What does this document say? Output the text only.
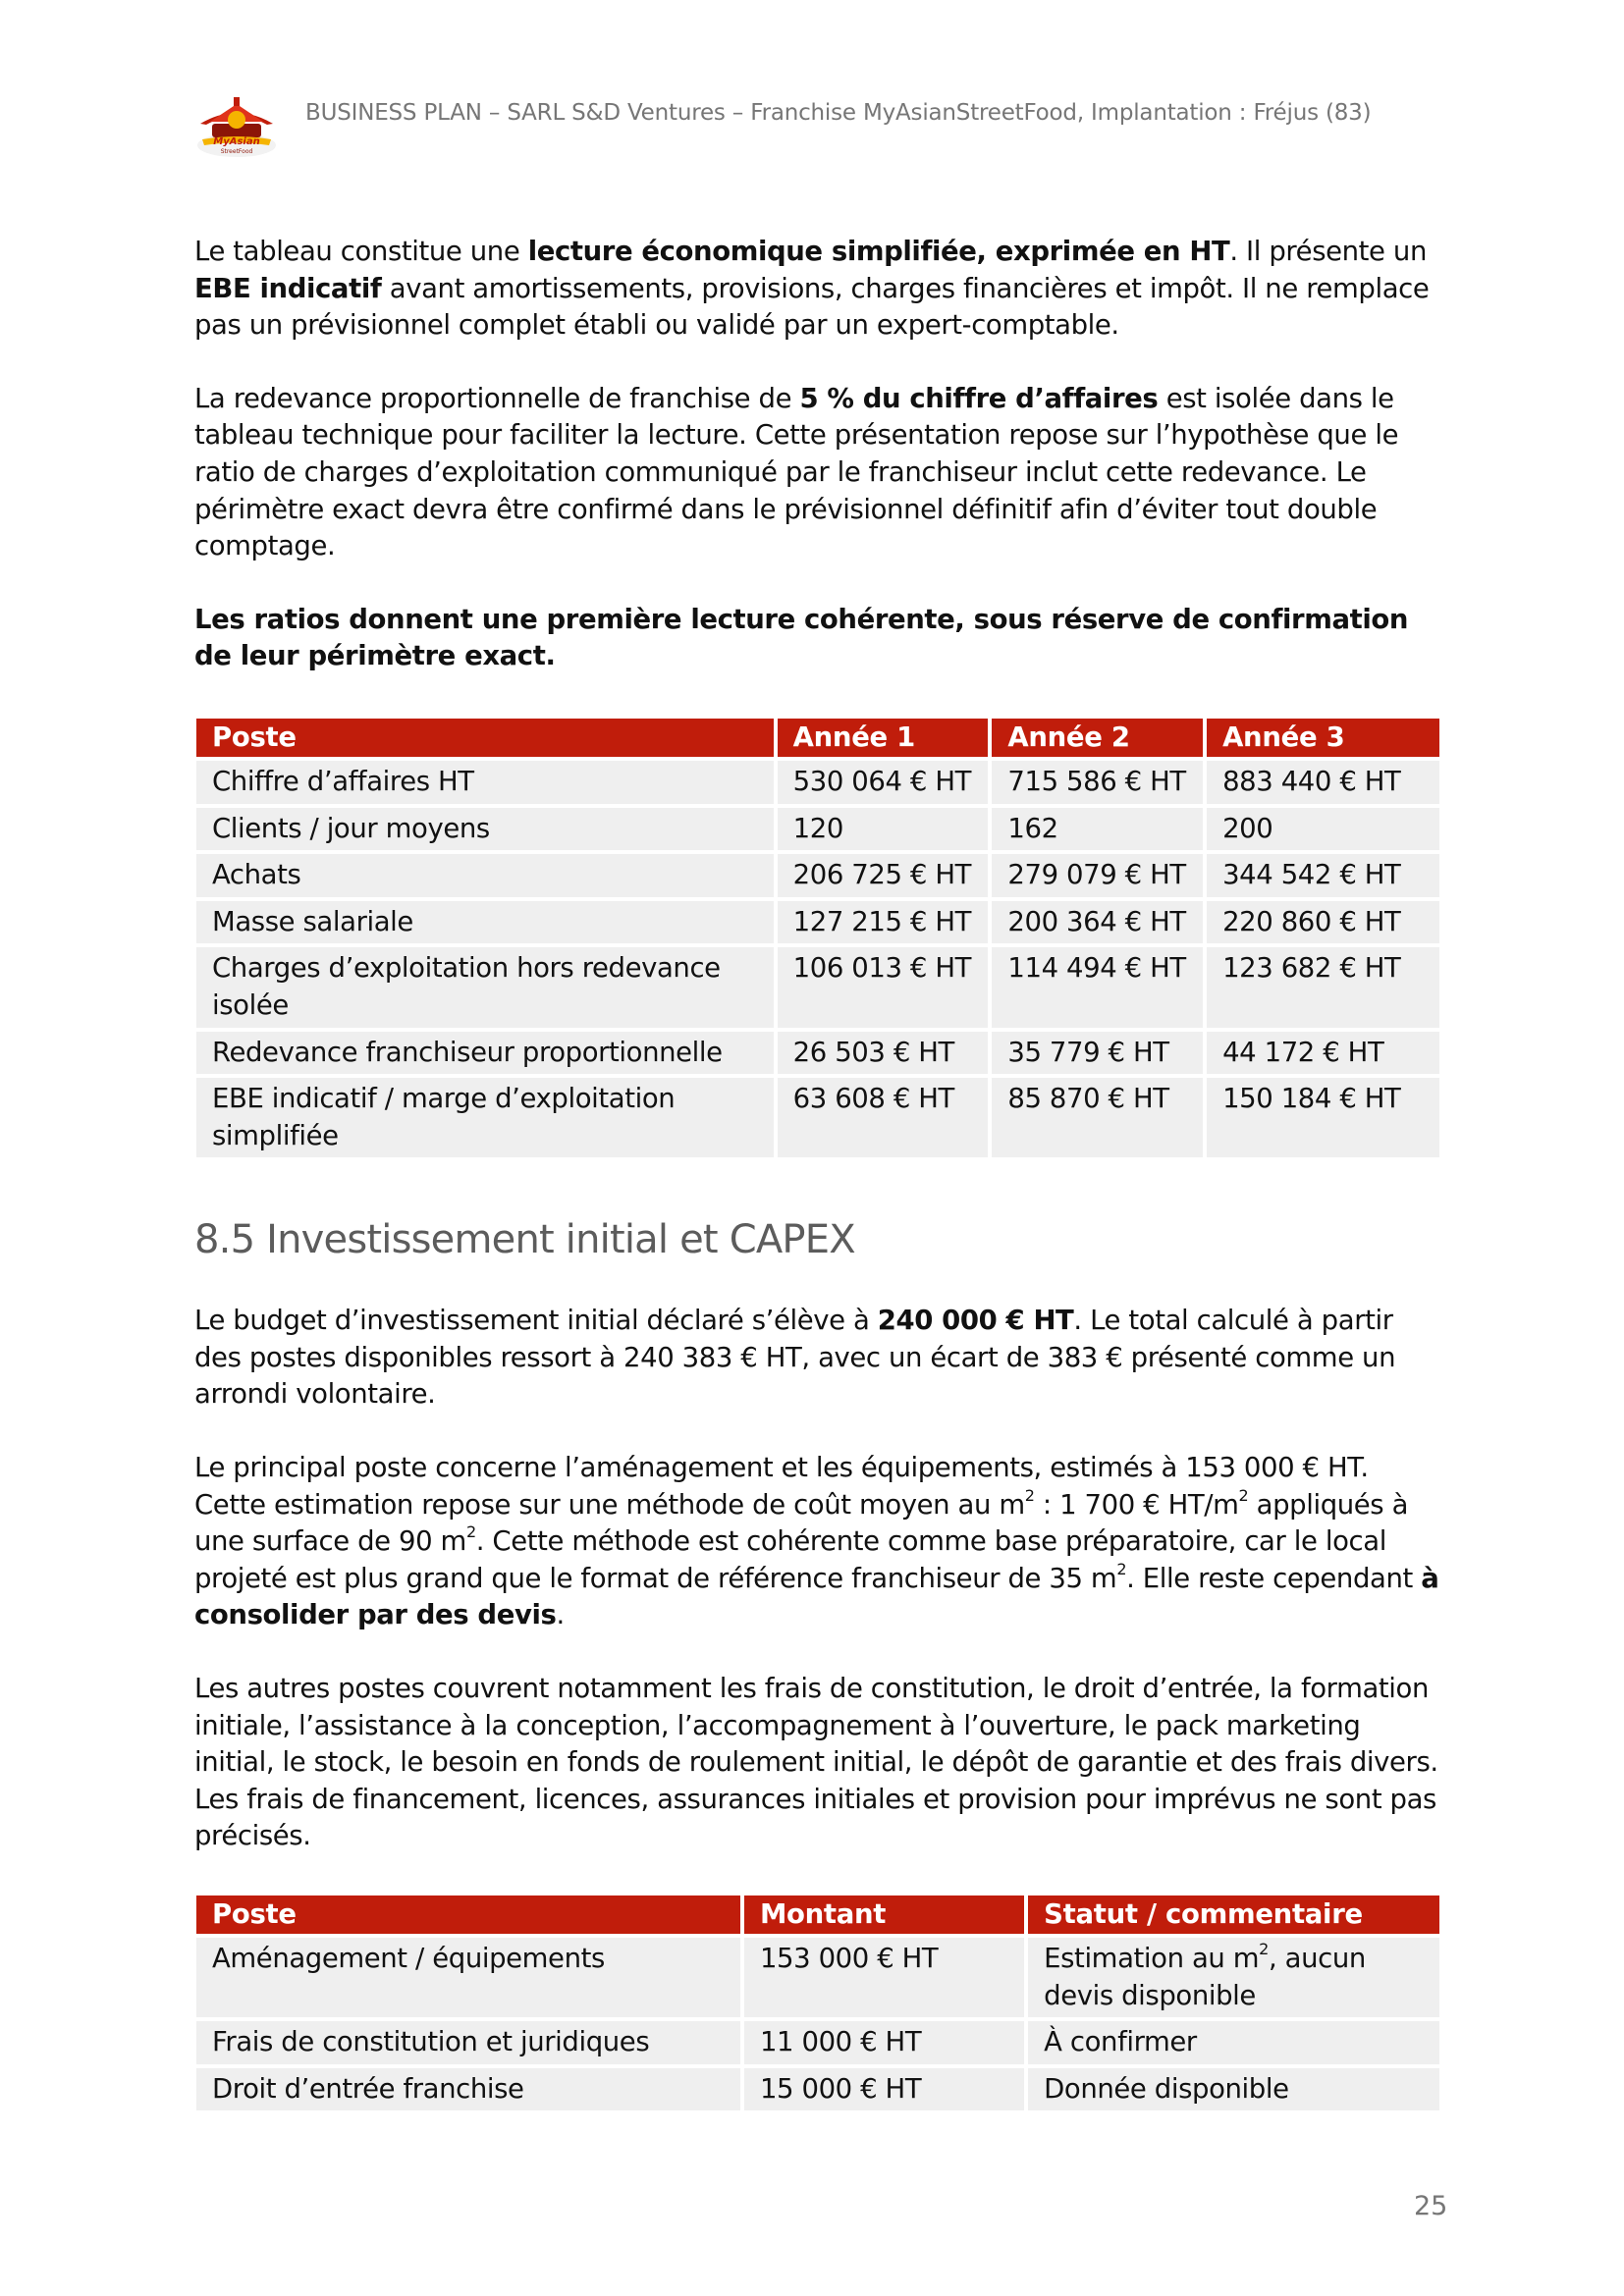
MyAsian
StreetFood
BUSINESS PLAN – SARL S&D Ventures – Franchise MyAsianStreetFood, Implantation : Fréjus (83)

Le tableau constitue une lecture économique simplifiée, exprimée en HT. Il présente un EBE indicatif avant amortissements, provisions, charges financières et impôt. Il ne remplace pas un prévisionnel complet établi ou validé par un expert-comptable.

La redevance proportionnelle de franchise de 5 % du chiffre d’affaires est isolée dans le tableau technique pour faciliter la lecture. Cette présentation repose sur l’hypothèse que le ratio de charges d’exploitation communiqué par le franchiseur inclut cette redevance. Le périmètre exact devra être confirmé dans le prévisionnel définitif afin d’éviter tout double comptage.

Les ratios donnent une première lecture cohérente, sous réserve de confirmation de leur périmètre exact.

Poste	Année 1	Année 2	Année 3
Chiffre d’affaires HT	530 064 € HT	715 586 € HT	883 440 € HT
Clients / jour moyens	120	162	200
Achats	206 725 € HT	279 079 € HT	344 542 € HT
Masse salariale	127 215 € HT	200 364 € HT	220 860 € HT
Charges d’exploitation hors redevance isolée	106 013 € HT	114 494 € HT	123 682 € HT
Redevance franchiseur proportionnelle	26 503 € HT	35 779 € HT	44 172 € HT
EBE indicatif / marge d’exploitation simplifiée	63 608 € HT	85 870 € HT	150 184 € HT
8.5 Investissement initial et CAPEX

Le budget d’investissement initial déclaré s’élève à 240 000 € HT. Le total calculé à partir des postes disponibles ressort à 240 383 € HT, avec un écart de 383 € présenté comme un arrondi volontaire.

Le principal poste concerne l’aménagement et les équipements, estimés à 153 000 € HT. Cette estimation repose sur une méthode de coût moyen au $m^2$ : 1 700 € $HT/m^2$ appliqués à une surface de 90 $m^2$. Cette méthode est cohérente comme base préparatoire, car le local projeté est plus grand que le format de référence franchiseur de 35 $m^2$. Elle reste cependant à consolider par des devis.

Les autres postes couvrent notamment les frais de constitution, le droit d’entrée, la formation initiale, l’assistance à la conception, l’accompagnement à l’ouverture, le pack marketing initial, le stock, le besoin en fonds de roulement initial, le dépôt de garantie et des frais divers. Les frais de financement, licences, assurances initiales et provision pour imprévus ne sont pas précisés.

Poste	Montant	Statut / commentaire
Aménagement / équipements	153 000 € HT	Estimation au $m^2$, aucun devis disponible
Frais de constitution et juridiques	11 000 € HT	À confirmer
Droit d’entrée franchise	15 000 € HT	Donnée disponible
25
